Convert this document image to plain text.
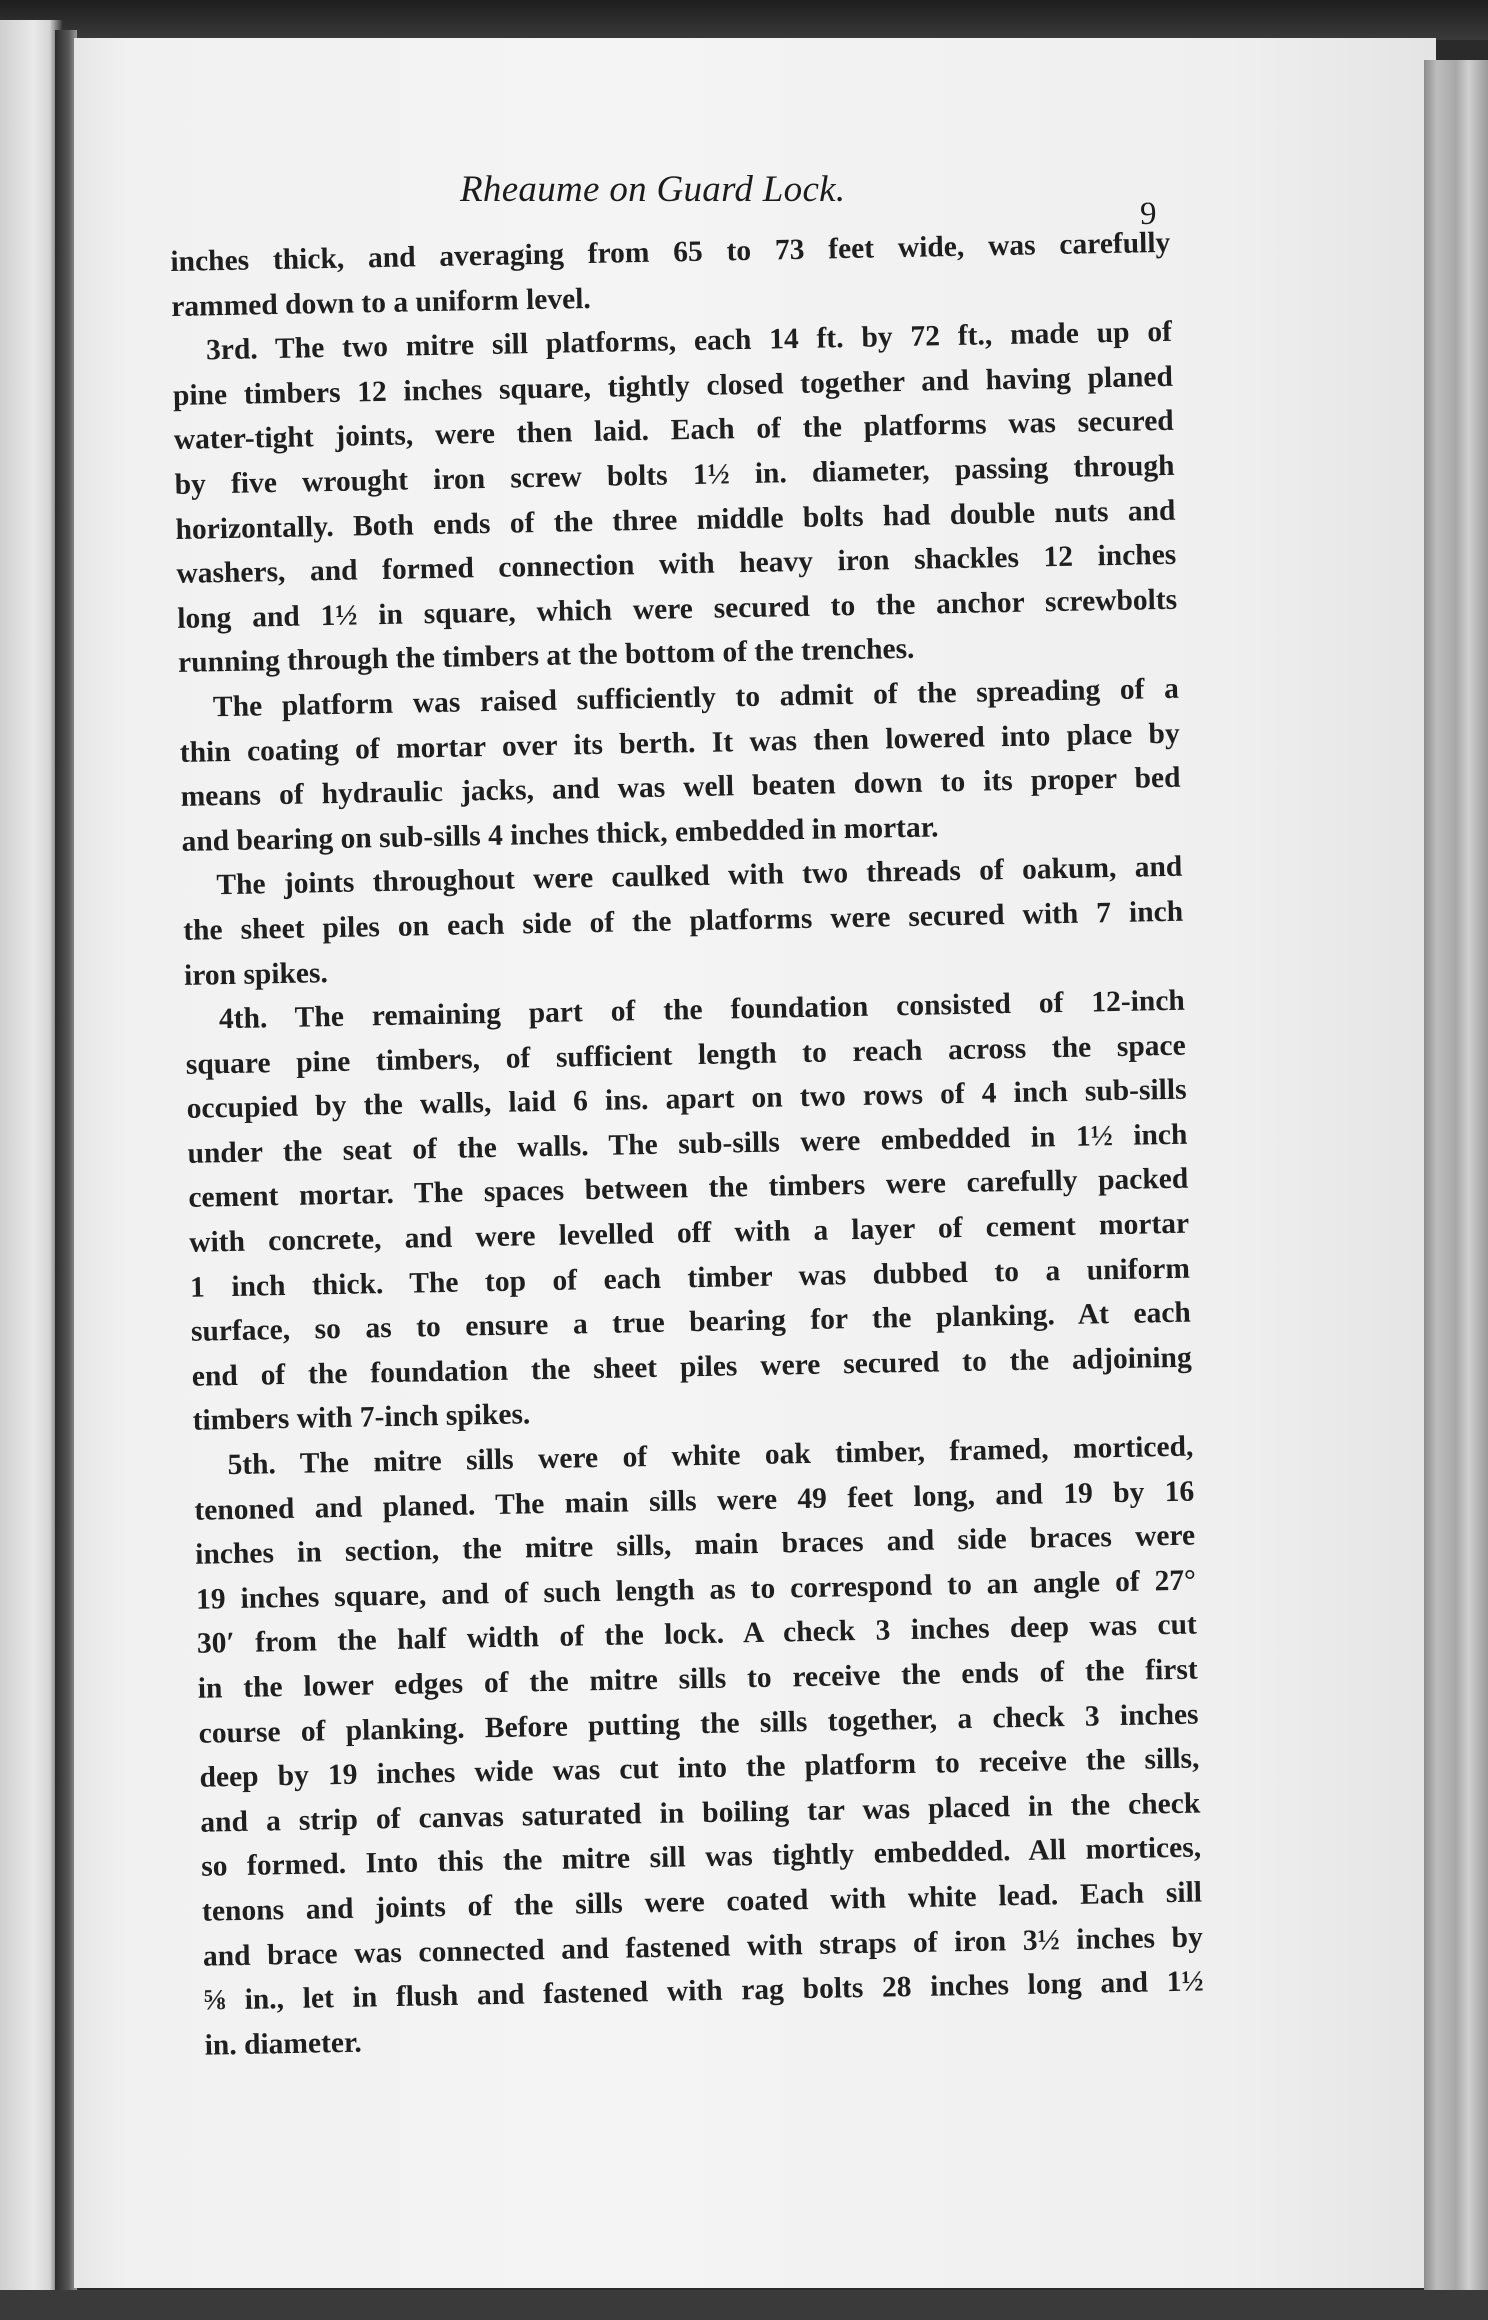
Rheaume on Guard Lock.
9
inches thick, and averaging from 65 to 73 feet wide, was carefully
rammed down to a uniform level.
3rd. The two mitre sill platforms, each 14 ft. by 72 ft., made up of
pine timbers 12 inches square, tightly closed together and having planed
water-tight joints, were then laid. Each of the platforms was secured
by five wrought iron screw bolts 1½ in. diameter, passing through
horizontally. Both ends of the three middle bolts had double nuts and
washers, and formed connection with heavy iron shackles 12 inches
long and 1½ in square, which were secured to the anchor screwbolts
running through the timbers at the bottom of the trenches.
The platform was raised sufficiently to admit of the spreading of a
thin coating of mortar over its berth. It was then lowered into place by
means of hydraulic jacks, and was well beaten down to its proper bed
and bearing on sub-sills 4 inches thick, embedded in mortar.
The joints throughout were caulked with two threads of oakum, and
the sheet piles on each side of the platforms were secured with 7 inch
iron spikes.
4th. The remaining part of the foundation consisted of 12-inch
square pine timbers, of sufficient length to reach across the space
occupied by the walls, laid 6 ins. apart on two rows of 4 inch sub-sills
under the seat of the walls. The sub-sills were embedded in 1½ inch
cement mortar. The spaces between the timbers were carefully packed
with concrete, and were levelled off with a layer of cement mortar
1 inch thick. The top of each timber was dubbed to a uniform
surface, so as to ensure a true bearing for the planking. At each
end of the foundation the sheet piles were secured to the adjoining
timbers with 7-inch spikes.
5th. The mitre sills were of white oak timber, framed, morticed,
tenoned and planed. The main sills were 49 feet long, and 19 by 16
inches in section, the mitre sills, main braces and side braces were
19 inches square, and of such length as to correspond to an angle of 27°
30′ from the half width of the lock. A check 3 inches deep was cut
in the lower edges of the mitre sills to receive the ends of the first
course of planking. Before putting the sills together, a check 3 inches
deep by 19 inches wide was cut into the platform to receive the sills,
and a strip of canvas saturated in boiling tar was placed in the check
so formed. Into this the mitre sill was tightly embedded. All mortices,
tenons and joints of the sills were coated with white lead. Each sill
and brace was connected and fastened with straps of iron 3½ inches by
⅝ in., let in flush and fastened with rag bolts 28 inches long and 1½
in. diameter.
